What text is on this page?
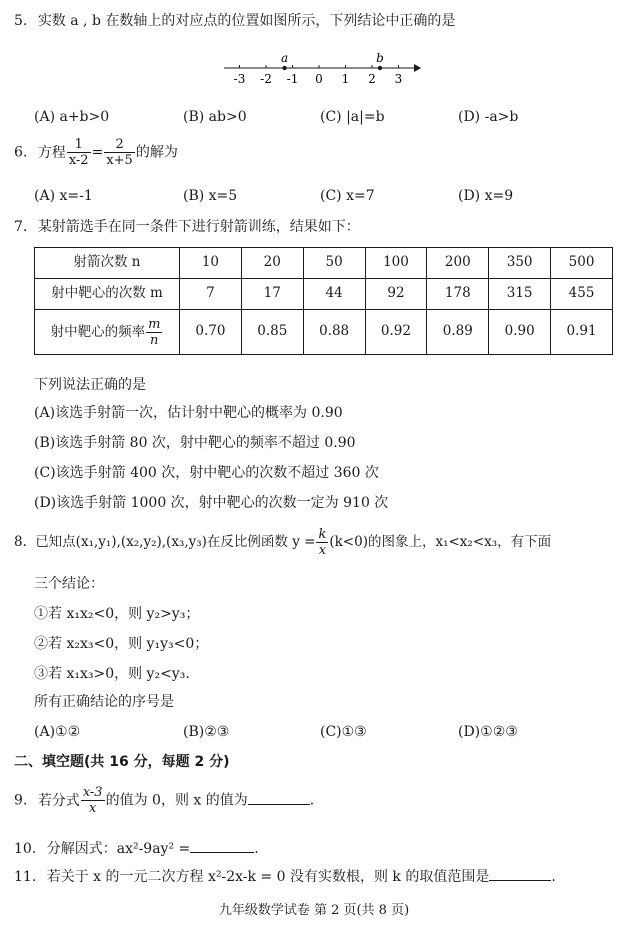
5. 实数 a , b 在数轴上的对应点的位置如图所示，下列结论中正确的是
-3 -2 -1 0 1 2 3
a	b
(A) a+b>0	(B) ab>0	(C) |a|=b	(D) -a>b
6. 方程 $\frac{1}{x-2} = \frac{2}{x+5}$ 的解为
(A) x=-1	(B) x=5	(C) x=7	(D) x=9
7. 某射箭选手在同一条件下进行射箭训练，结果如下：
射箭次数 n	10	20	50	100	200	350	500
射中靶心的次数 m	7	17	44	92	178	315	455
射中靶心的频率 $\frac{m}{n}$	0.70	0.85	0.88	0.92	0.89	0.90	0.91
下列说法正确的是
(A)该选手射箭一次，估计射中靶心的概率为 0.90
(B)该选手射箭 80 次，射中靶心的频率不超过 0.90
(C)该选手射箭 400 次，射中靶心的次数不超过 360 次
(D)该选手射箭 1000 次，射中靶心的次数一定为 910 次
8. 已知点(x₁,y₁),(x₂,y₂),(x₃,y₃)在反比例函数 $y = \frac{k}{x} (k<0)$的图象上，x₁<x₂<x₃，有下面
三个结论：
①若 x₁x₂<0，则 y₂>y₃；
②若 x₂x₃<0，则 y₁y₃<0；
③若 x₁x₃>0，则 y₂<y₃.
所有正确结论的序号是
(A)①②	(B)②③	(C)①③	(D)①②③
二、填空题(共 16 分，每题 2 分)
9. 若分式 $\frac{x-3}{x}$ 的值为 0，则 x 的值为	.
10. 分解因式：ax²-9ay² =	.
11. 若关于 x 的一元二次方程 x²-2x-k = 0 没有实数根，则 k 的取值范围是	.
九年级数学试卷 第 2 页(共 8 页)
